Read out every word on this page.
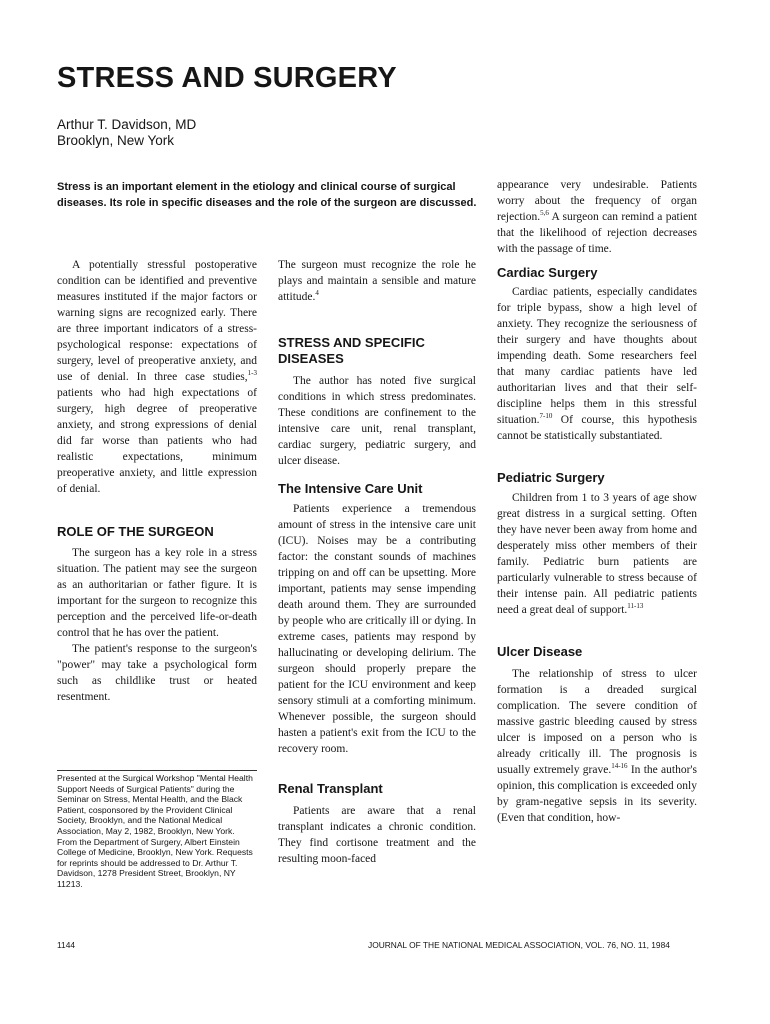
STRESS AND SURGERY
Arthur T. Davidson, MD
Brooklyn, New York

Stress is an important element in the etiology and clinical course of surgical diseases. Its role in specific diseases and the role of the surgeon are discussed.

A potentially stressful postoperative condition can be identified and preventive measures instituted if the major factors or warning signs are recognized early. There are three important indicators of a stress-psychological response: expectations of surgery, level of preoperative anxiety, and use of denial. In three case studies,$^{1-3}$ patients who had high expectations of surgery, high degree of preoperative anxiety, and strong expressions of denial did far worse than patients who had realistic expectations, minimum preoperative anxiety, and little expression of denial.

ROLE OF THE SURGEON

The surgeon has a key role in a stress situation. The patient may see the surgeon as an authoritarian or father figure. It is important for the surgeon to recognize this perception and the perceived life-or-death control that he has over the patient.

The patient's response to the surgeon's "power" may take a psychological form such as childlike trust or heated resentment.

Presented at the Surgical Workshop "Mental Health Support Needs of Surgical Patients" during the Seminar on Stress, Mental Health, and the Black Patient, cosponsored by the Provident Clinical Society, Brooklyn, and the National Medical Association, May 2, 1982, Brooklyn, New York. From the Department of Surgery, Albert Einstein College of Medicine, Brooklyn, New York. Requests for reprints should be addressed to Dr. Arthur T. Davidson, 1278 President Street, Brooklyn, NY 11213.

The surgeon must recognize the role he plays and maintain a sensible and mature attitude.$^4$

STRESS AND SPECIFIC DISEASES

The author has noted five surgical conditions in which stress predominates. These conditions are confinement to the intensive care unit, renal transplant, cardiac surgery, pediatric surgery, and ulcer disease.

The Intensive Care Unit

Patients experience a tremendous amount of stress in the intensive care unit (ICU). Noises may be a contributing factor: the constant sounds of machines tripping on and off can be upsetting. More important, patients may sense impending death around them. They are surrounded by people who are critically ill or dying. In extreme cases, patients may respond by hallucinating or developing delirium. The surgeon should properly prepare the patient for the ICU environment and keep sensory stimuli at a comforting minimum. Whenever possible, the surgeon should hasten a patient's exit from the ICU to the recovery room.

Renal Transplant

Patients are aware that a renal transplant indicates a chronic condition. They find cortisone treatment and the resulting moon-faced

appearance very undesirable. Patients worry about the frequency of organ rejection.$^{5,6}$ A surgeon can remind a patient that the likelihood of rejection decreases with the passage of time.

Cardiac Surgery

Cardiac patients, especially candidates for triple bypass, show a high level of anxiety. They recognize the seriousness of their surgery and have thoughts about impending death. Some researchers feel that many cardiac patients have led authoritarian lives and that their self-discipline helps them in this stressful situation.$^{7-10}$ Of course, this hypothesis cannot be statistically substantiated.

Pediatric Surgery

Children from 1 to 3 years of age show great distress in a surgical setting. Often they have never been away from home and desperately miss other members of their family. Pediatric burn patients are particularly vulnerable to stress because of their intense pain. All pediatric patients need a great deal of support.$^{11-13}$

Ulcer Disease

The relationship of stress to ulcer formation is a dreaded surgical complication. The severe condition of massive gastric bleeding caused by stress ulcer is imposed on a person who is already critically ill. The prognosis is usually extremely grave.$^{14-16}$ In the author's opinion, this complication is exceeded only by gram-negative sepsis in its severity. (Even that condition, how-

1144	JOURNAL OF THE NATIONAL MEDICAL ASSOCIATION, VOL. 76, NO. 11, 1984
